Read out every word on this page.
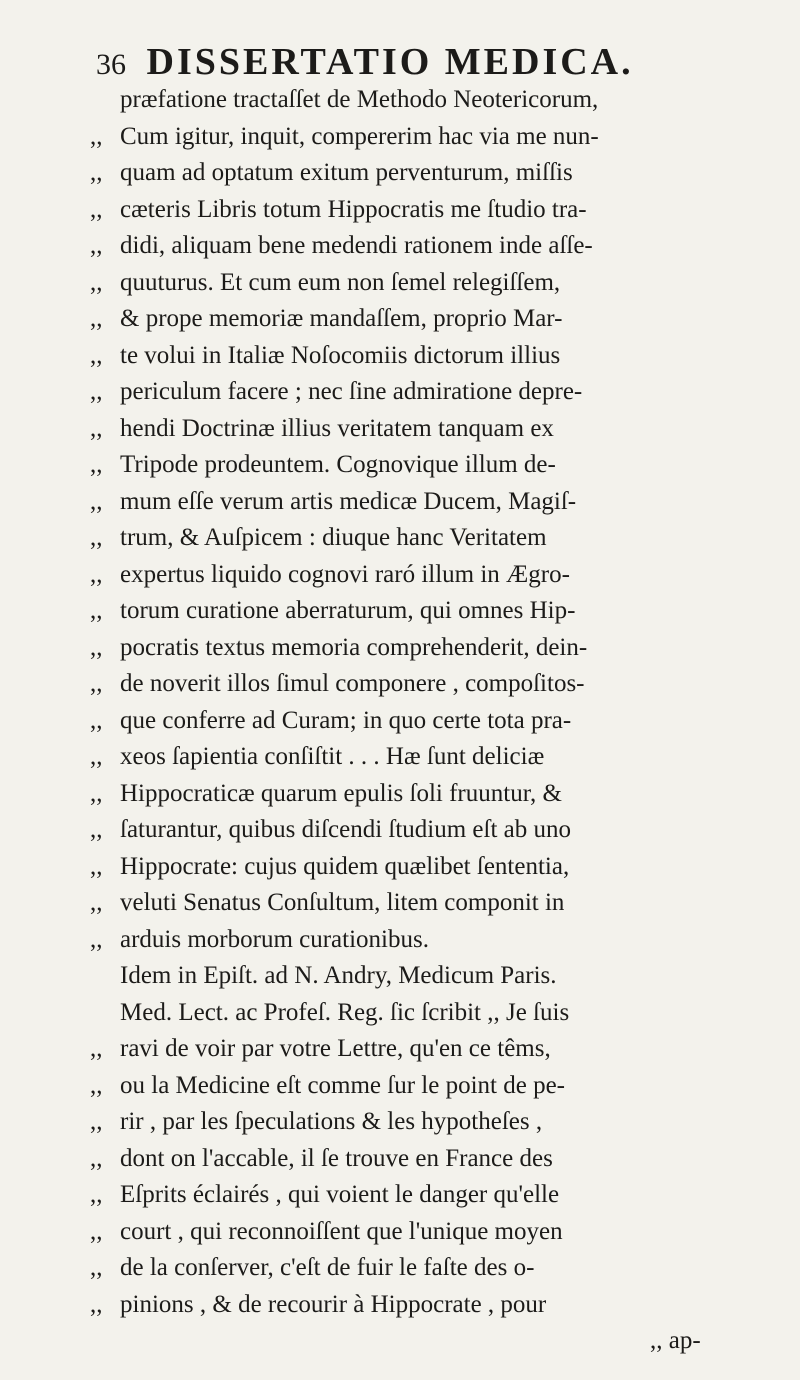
36 DISSERTATIO MEDICA.
præfatione tractaſſet de Methodo Neotericorum,
,, Cum igitur, inquit, compererim hac via me nun-
,, quam ad optatum exitum perventurum, miſſis
,, cæteris Libris totum Hippocratis me ſtudio tra-
,, didi, aliquam bene medendi rationem inde aſſe-
,, quuturus. Et cum eum non ſemel relegiſſem,
,, & prope memoriæ mandaſſem, proprio Mar-
,, te volui in Italiæ Noſocomiis dictorum illius
,, periculum facere ; nec ſine admiratione depre-
,, hendi Doctrinæ illius veritatem tanquam ex
,, Tripode prodeuntem. Cognovique illum de-
,, mum eſſe verum artis medicæ Ducem, Magiſ-
,, trum, & Auſpicem : diuque hanc Veritatem
,, expertus liquido cognovi raró illum in Ægro-
,, torum curatione aberraturum, qui omnes Hip-
,, pocratis textus memoria comprehenderit, dein-
,, de noverit illos ſimul componere , compoſitos-
,, que conferre ad Curam; in quo certe tota pra-
,, xeos ſapientia conſiſtit . . . Hæ ſunt deliciæ
,, Hippocraticæ quarum epulis ſoli fruuntur, &
,, ſaturantur, quibus diſcendi ſtudium eſt ab uno
,, Hippocrate: cujus quidem quælibet ſententia,
,, veluti Senatus Conſultum, litem componit in
,, arduis morborum curationibus.
Idem in Epiſt. ad N. Andry, Medicum Paris.
Med. Lect. ac Profeſ. Reg. ſic ſcribit ,, Je ſuis
,, ravi de voir par votre Lettre, qu'en ce têms,
,, ou la Medicine eſt comme ſur le point de pe-
,, rir , par les ſpeculations & les hypotheſes ,
,, dont on l'accable, il ſe trouve en France des
,, Eſprits éclairés , qui voient le danger qu'elle
,, court , qui reconnoiſſent que l'unique moyen
,, de la conſerver, c'eſt de fuir le faſte des o-
,, pinions , & de recourir à Hippocrate , pour
,, ap-
